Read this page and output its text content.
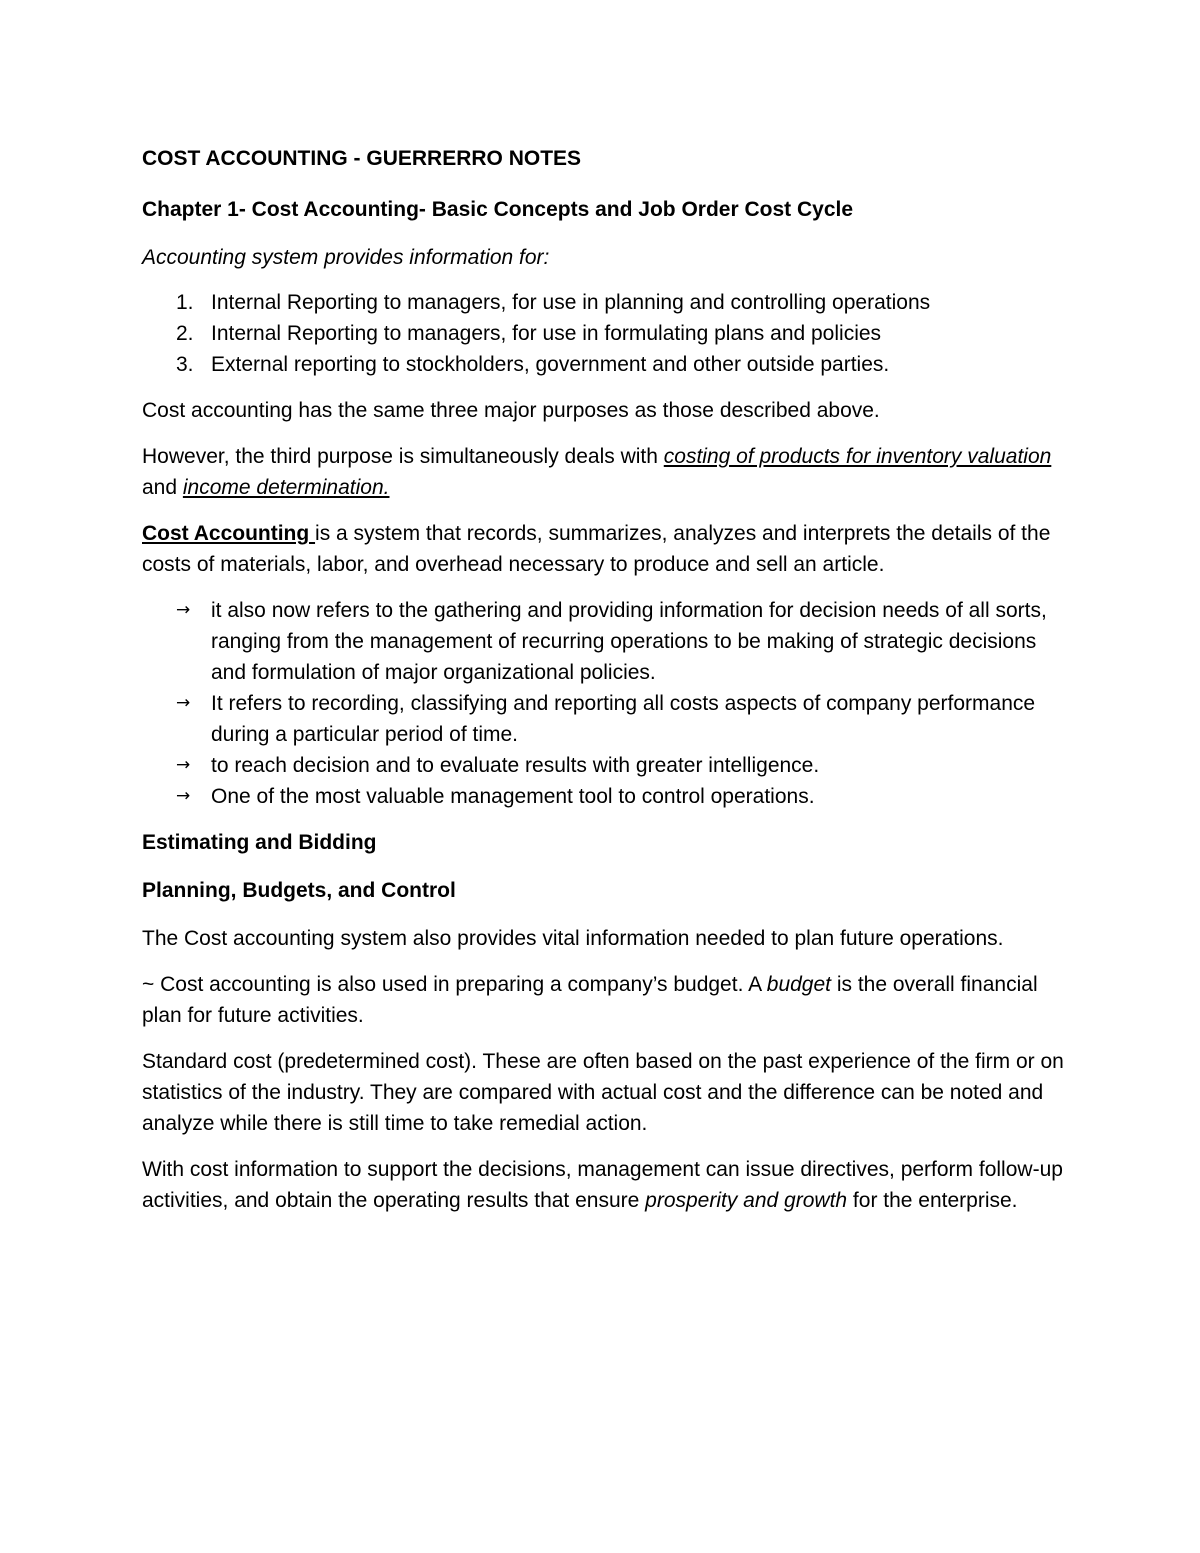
COST ACCOUNTING - GUERRERRO NOTES
Chapter 1- Cost Accounting- Basic Concepts and Job Order Cost Cycle
Accounting system provides information for:
1. Internal Reporting to managers, for use in planning and controlling operations
2. Internal Reporting to managers, for use in formulating plans and policies
3. External reporting to stockholders, government and other outside parties.

Cost accounting has the same three major purposes as those described above.

However, the third purpose is simultaneously deals with costing of products for inventory valuation and income determination.

Cost Accounting is a system that records, summarizes, analyzes and interprets the details of the costs of materials, labor, and overhead necessary to produce and sell an article.

→ it also now refers to the gathering and providing information for decision needs of all sorts, ranging from the management of recurring operations to be making of strategic decisions and formulation of major organizational policies.
→ It refers to recording, classifying and reporting all costs aspects of company performance during a particular period of time.
→ to reach decision and to evaluate results with greater intelligence.
→ One of the most valuable management tool to control operations.
Estimating and Bidding
Planning, Budgets, and Control

The Cost accounting system also provides vital information needed to plan future operations.

~ Cost accounting is also used in preparing a company’s budget. A budget is the overall financial plan for future activities.

Standard cost (predetermined cost). These are often based on the past experience of the firm or on statistics of the industry. They are compared with actual cost and the difference can be noted and analyze while there is still time to take remedial action.

With cost information to support the decisions, management can issue directives, perform follow-up activities, and obtain the operating results that ensure prosperity and growth for the enterprise.
